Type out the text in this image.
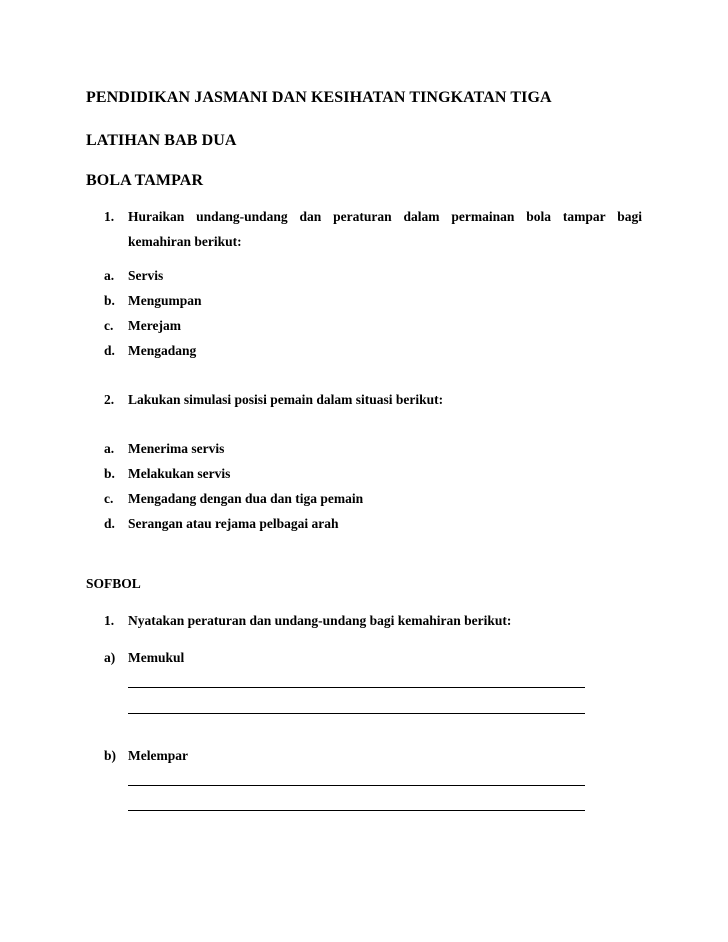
PENDIDIKAN JASMANI DAN KESIHATAN TINGKATAN TIGA
LATIHAN BAB DUA
BOLA TAMPAR
1. Huraikan undang-undang dan peraturan dalam permainan bola tampar bagi
kemahiran berikut:
a. Servis
b. Mengumpan
c. Merejam
d. Mengadang
2. Lakukan simulasi posisi pemain dalam situasi berikut:
a. Menerima servis
b. Melakukan servis
c. Mengadang dengan dua dan tiga pemain
d. Serangan atau rejama pelbagai arah
SOFBOL
1. Nyatakan peraturan dan undang-undang bagi kemahiran berikut:
a) Memukul
b) Melempar
